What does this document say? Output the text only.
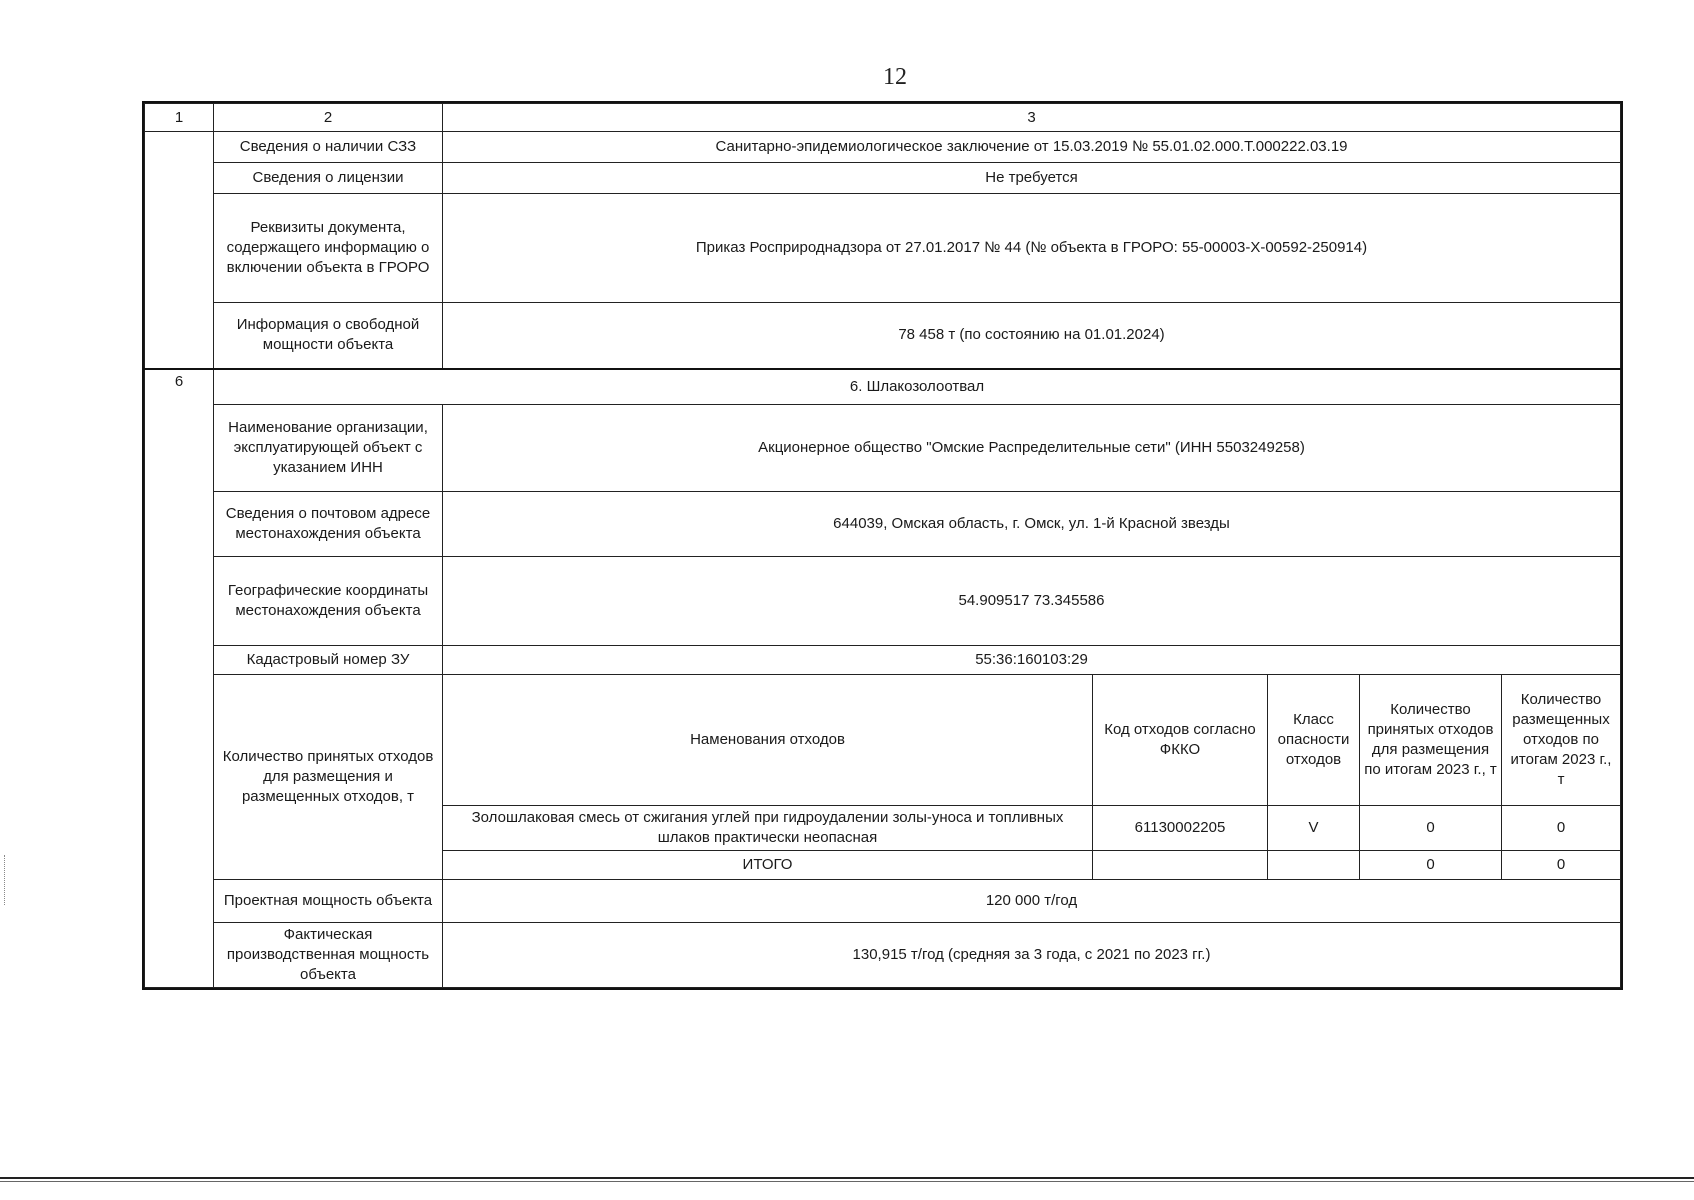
12
1	2	3				
	Сведения о наличии СЗЗ	Санитарно-эпидемиологическое заключение от 15.03.2019 № 55.01.02.000.Т.000222.03.19				
	Сведения о лицензии	Не требуется				
	Реквизиты документа, содержащего информацию о включении объекта в ГРОРО	Приказ Росприроднадзора от 27.01.2017 № 44 (№ объекта в ГРОРО: 55-00003-Х-00592-250914)				
	Информация о свободной мощности объекта	78 458 т (по состоянию на 01.01.2024)				
6	6. Шлакозолоотвал					
	Наименование организации, эксплуатирующей объект с указанием ИНН	Акционерное общество "Омские Распределительные сети" (ИНН 5503249258)				
	Сведения о почтовом адресе местонахождения объекта	644039, Омская область, г. Омск, ул. 1-й Красной звезды				
	Географические координаты местонахождения объекта	54.909517 73.345586				
	Кадастровый номер ЗУ	55:36:160103:29				
	Количество принятых отходов для размещения и размещенных отходов, т	Наменования отходов	Код отходов согласно ФККО	Класс опасности отходов	Количество принятых отходов для размещения по итогам 2023 г., т	Количество размещенных отходов по итогам 2023 г., т
		Золошлаковая смесь от сжигания углей при гидроудалении золы-уноса и топливных шлаков практически неопасная	61130002205	V	0	0
		ИТОГО			0	0
	Проектная мощность объекта	120 000 т/год				
	Фактическая производственная мощность объекта	130,915 т/год (средняя за 3 года, с 2021 по 2023 гг.)				
